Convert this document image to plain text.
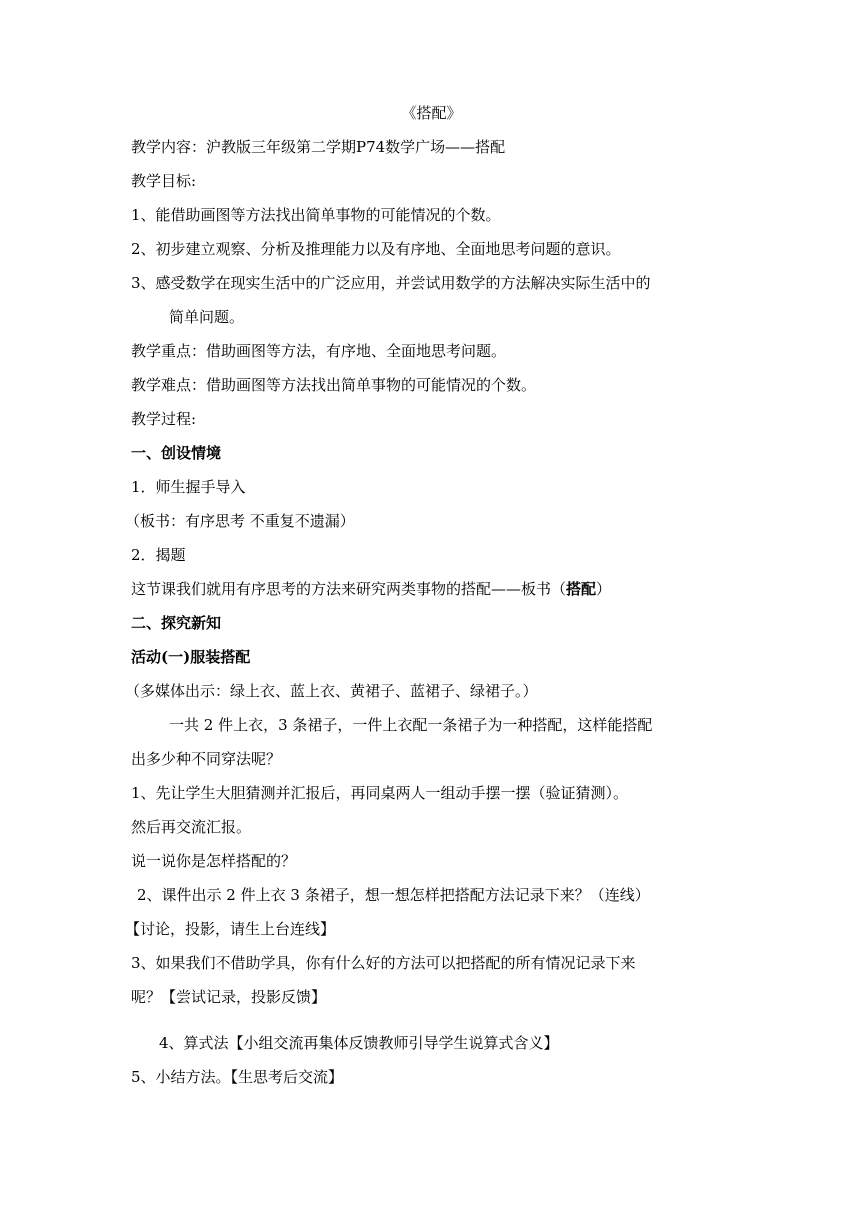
《搭配》
教学内容：沪教版三年级第二学期P74数学广场——搭配
教学目标:
1、能借助画图等方法找出简单事物的可能情况的个数。
2、初步建立观察、分析及推理能力以及有序地、全面地思考问题的意识。
3、感受数学在现实生活中的广泛应用，并尝试用数学的方法解决实际生活中的
简单问题。
教学重点：借助画图等方法，有序地、全面地思考问题。
教学难点：借助画图等方法找出简单事物的可能情况的个数。
教学过程:
一、创设情境
1．师生握手导入
（板书：有序思考 不重复不遗漏）
2．揭题
这节课我们就用有序思考的方法来研究两类事物的搭配——板书（搭配）
二、探究新知
活动(一)服装搭配
（多媒体出示：绿上衣、蓝上衣、黄裙子、蓝裙子、绿裙子。）
一共 2 件上衣，3 条裙子，一件上衣配一条裙子为一种搭配，这样能搭配
出多少种不同穿法呢？
1、先让学生大胆猜测并汇报后，再同桌两人一组动手摆一摆（验证猜测）。
然后再交流汇报。
说一说你是怎样搭配的？
2、课件出示 2 件上衣 3 条裙子，想一想怎样把搭配方法记录下来？（连线）
【讨论，投影，请生上台连线】
3、如果我们不借助学具，你有什么好的方法可以把搭配的所有情况记录下来
呢？【尝试记录，投影反馈】
4、算式法【小组交流再集体反馈教师引导学生说算式含义】
5、小结方法。【生思考后交流】
